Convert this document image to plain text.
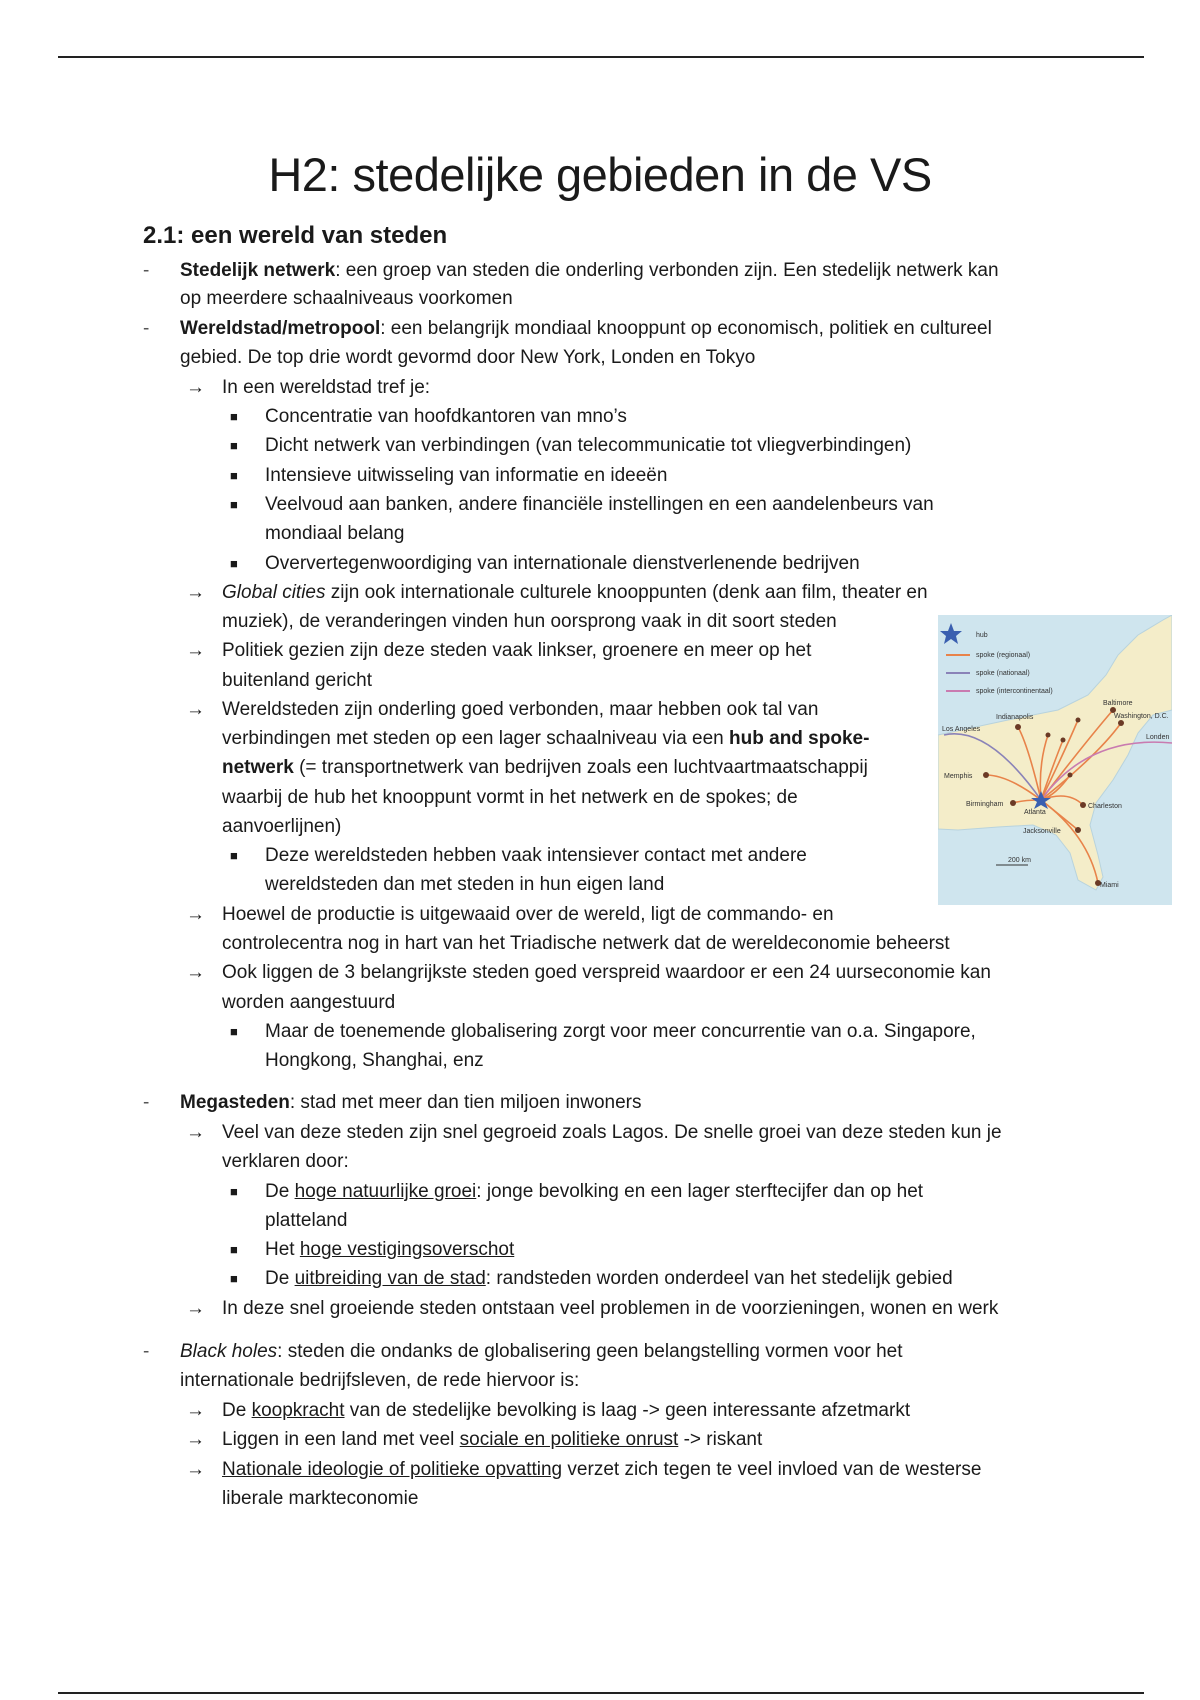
H2: stedelijke gebieden in de VS
2.1: een wereld van steden
- Stedelijk netwerk: een groep van steden die onderling verbonden zijn. Een stedelijk netwerk kan
op meerdere schaalniveaus voorkomen
- Wereldstad/metropool: een belangrijk mondiaal knooppunt op economisch, politiek en cultureel
gebied. De top drie wordt gevormd door New York, Londen en Tokyo
→ In een wereldstad tref je:
■ Concentratie van hoofdkantoren van mno’s
■ Dicht netwerk van verbindingen (van telecommunicatie tot vliegverbindingen)
■ Intensieve uitwisseling van informatie en ideeën
■ Veelvoud aan banken, andere financiële instellingen en een aandelenbeurs van
mondiaal belang
■ Oververtegenwoordiging van internationale dienstverlenende bedrijven
→ Global cities zijn ook internationale culturele knooppunten (denk aan film, theater en
muziek), de veranderingen vinden hun oorsprong vaak in dit soort steden
→ Politiek gezien zijn deze steden vaak linkser, groenere en meer op het
buitenland gericht
→ Wereldsteden zijn onderling goed verbonden, maar hebben ook tal van
verbindingen met steden op een lager schaalniveau via een hub and spoke-
netwerk (= transportnetwerk van bedrijven zoals een luchtvaartmaatschappij
waarbij de hub het knooppunt vormt in het netwerk en de spokes; de
aanvoerlijnen)
■ Deze wereldsteden hebben vaak intensiever contact met andere
wereldsteden dan met steden in hun eigen land
→ Hoewel de productie is uitgewaaid over de wereld, ligt de commando- en
controlecentra nog in hart van het Triadische netwerk dat de wereldeconomie beheerst
→ Ook liggen de 3 belangrijkste steden goed verspreid waardoor er een 24 uurseconomie kan
worden aangestuurd
■ Maar de toenemende globalisering zorgt voor meer concurrentie van o.a. Singapore,
Hongkong, Shanghai, enz
- Megasteden: stad met meer dan tien miljoen inwoners
→ Veel van deze steden zijn snel gegroeid zoals Lagos. De snelle groei van deze steden kun je
verklaren door:
■ De hoge natuurlijke groei: jonge bevolking en een lager sterftecijfer dan op het
platteland
■ Het hoge vestigingsoverschot
■ De uitbreiding van de stad: randsteden worden onderdeel van het stedelijk gebied
→ In deze snel groeiende steden ontstaan veel problemen in de voorzieningen, wonen en werk
- Black holes: steden die ondanks de globalisering geen belangstelling vormen voor het
internationale bedrijfsleven, de rede hiervoor is:
→ De koopkracht van de stedelijke bevolking is laag -> geen interessante afzetmarkt
→ Liggen in een land met veel sociale en politieke onrust -> riskant
→ Nationale ideologie of politieke opvatting verzet zich tegen te veel invloed van de westerse
liberale markteconomie
hub
spoke (regionaal)
spoke (nationaal)
spoke (intercontinentaal)
Baltimore
Washington, D.C.
Londen
Indianapolis
Los Angeles
Memphis
Birmingham
Atlanta
Charleston
Jacksonville
Miami
200 km
